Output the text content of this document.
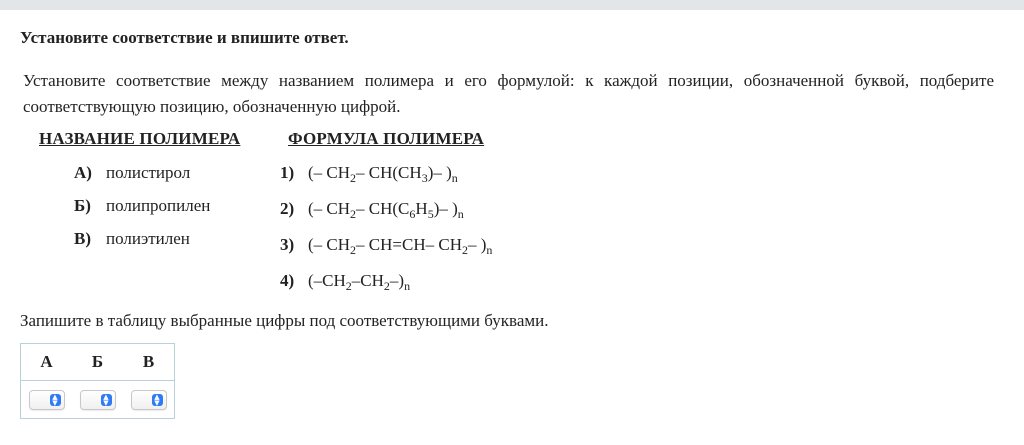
Установите соответствие и впишите ответ.
Установите соответствие между названием полимера и его формулой: к каждой позиции, обозначенной буквой, подберите соответствующую позицию, обозначенную цифрой.
НАЗВАНИЕ ПОЛИМЕРА	ФОРМУЛА ПОЛИМЕРА
А) полистирол
Б) полипропилен
В) полиэтилен
1) (– $CH_2-$ $CH(CH_3)-$ )$_n$
2) (– $CH_2-$ $CH(C_6H_5)-$ )$_n$
3) (– $CH_2-$ CH=CH– $CH_2-$ )$_n$
4) $(-CH_2-CH_2-)_n$
Запишите в таблицу выбранные цифры под соответствующими буквами.
А	Б	В

▲
▼	▲
▼	▲
▼
